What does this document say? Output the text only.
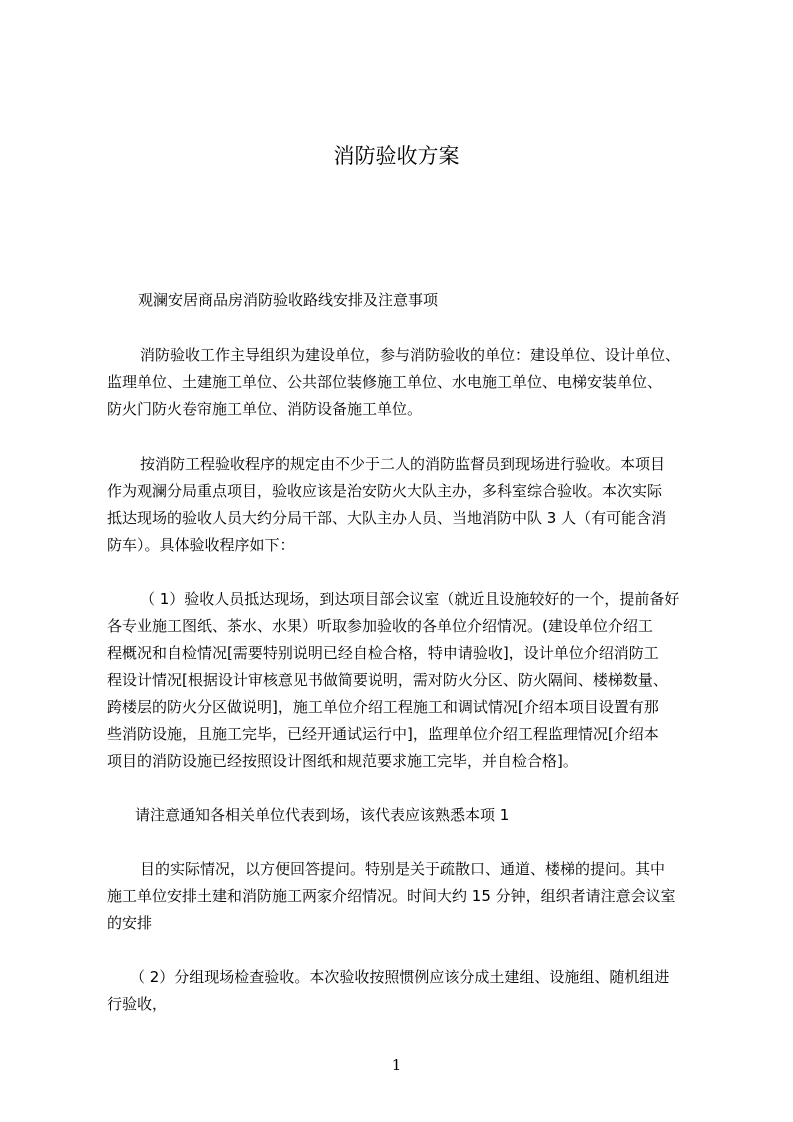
消防验收方案
观澜安居商品房消防验收路线安排及注意事项
消防验收工作主导组织为建设单位，参与消防验收的单位：建设单位、设计单位、
监理单位、土建施工单位、公共部位装修施工单位、水电施工单位、电梯安装单位、
防火门防火卷帘施工单位、消防设备施工单位。
按消防工程验收程序的规定由不少于二人的消防监督员到现场进行验收。本项目
作为观澜分局重点项目，验收应该是治安防火大队主办，多科室综合验收。本次实际
抵达现场的验收人员大约分局干部、大队主办人员、当地消防中队 3 人（有可能含消
防车）。具体验收程序如下：
（ 1）验收人员抵达现场，到达项目部会议室（就近且设施较好的一个，提前备好
各专业施工图纸、茶水、水果）听取参加验收的各单位介绍情况。(建设单位介绍工
程概况和自检情况[需要特别说明已经自检合格，特申请验收]，设计单位介绍消防工
程设计情况[根据设计审核意见书做简要说明，需对防火分区、防火隔间、楼梯数量、
跨楼层的防火分区做说明]，施工单位介绍工程施工和调试情况[介绍本项目设置有那
些消防设施，且施工完毕，已经开通试运行中]，监理单位介绍工程监理情况[介绍本
项目的消防设施已经按照设计图纸和规范要求施工完毕，并自检合格]。
请注意通知各相关单位代表到场，该代表应该熟悉本项 1
目的实际情况，以方便回答提问。特别是关于疏散口、通道、楼梯的提问。其中
施工单位安排土建和消防施工两家介绍情况。时间大约 15 分钟，组织者请注意会议室
的安排
（ 2）分组现场检查验收。本次验收按照惯例应该分成土建组、设施组、随机组进
行验收，
1
